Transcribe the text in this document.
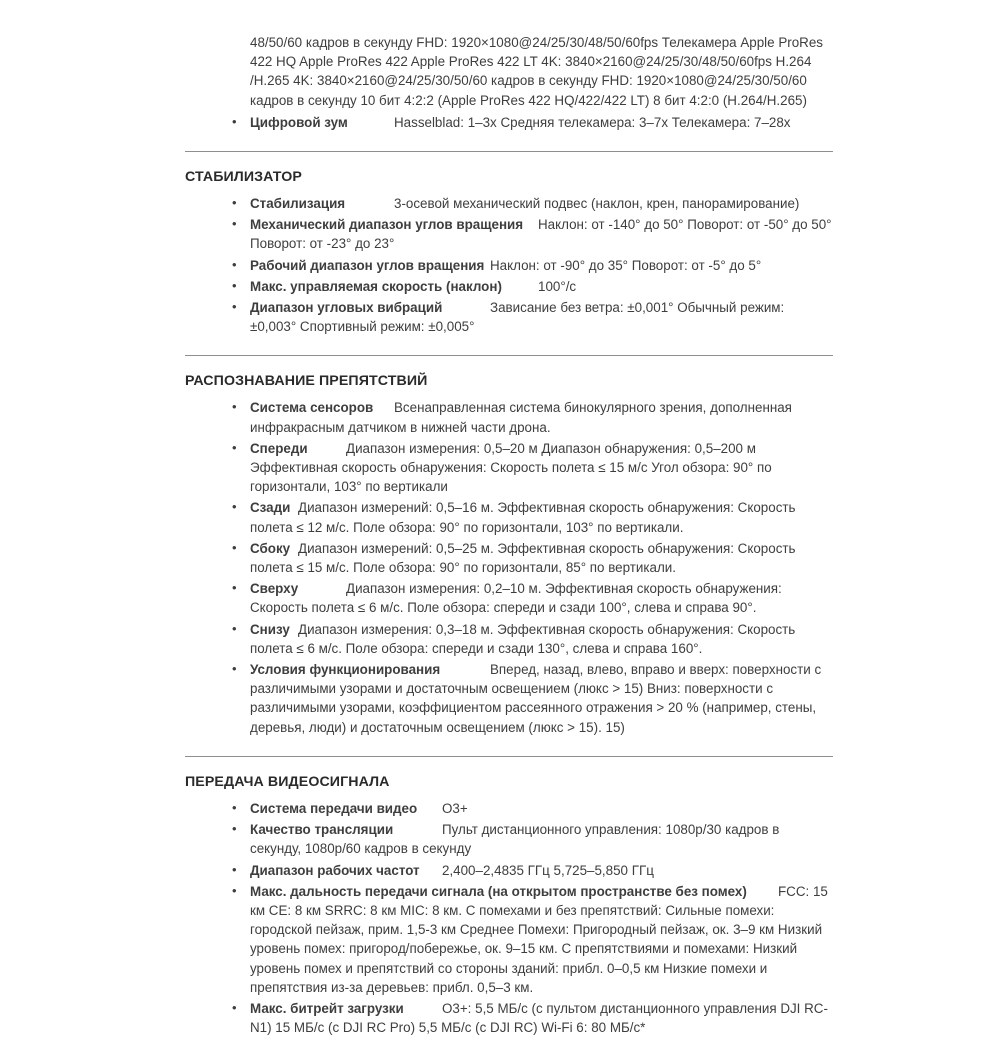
48/50/60 кадров в секунду FHD: 1920×1080@24/25/30/48/50/60fps Телекамера Apple ProRes 422 HQ Apple ProRes 422 Apple ProRes 422 LT 4K: 3840×2160@24/25/30/48/50/60fps H.264 /H.265 4K: 3840×2160@24/25/30/50/60 кадров в секунду FHD: 1920×1080@24/25/30/50/60 кадров в секунду 10 бит 4:2:2 (Apple ProRes 422 HQ/422/422 LT) 8 бит 4:2:0 (H.264/H.265)
• Цифровой зум		Hasselblad: 1–3x Средняя телекамера: 3–7x Телекамера: 7–28x
СТАБИЛИЗАТОР
• Стабилизация		3-осевой механический подвес (наклон, крен, панорамирование)
• Механический диапазон углов вращения	Наклон: от -140° до 50° Поворот: от -50° до 50° Поворот: от -23° до 23°
• Рабочий диапазон углов вращения	Наклон: от -90° до 35° Поворот: от -5° до 5°
• Макс. управляемая скорость (наклон)		100°/с
• Диапазон угловых вибраций		Зависание без ветра: ±0,001° Обычный режим: ±0,003° Спортивный режим: ±0,005°
РАСПОЗНАВАНИЕ ПРЕПЯТСТВИЙ
• Система сенсоров	Всенаправленная система бинокулярного зрения, дополненная инфракрасным датчиком в нижней части дрона.
• Спереди		Диапазон измерения: 0,5–20 м Диапазон обнаружения: 0,5–200 м Эффективная скорость обнаружения: Скорость полета ≤ 15 м/с Угол обзора: 90° по горизонтали, 103° по вертикали
• Сзади	Диапазон измерений: 0,5–16 м. Эффективная скорость обнаружения: Скорость полета ≤ 12 м/с. Поле обзора: 90° по горизонтали, 103° по вертикали.
• Сбоку	Диапазон измерений: 0,5–25 м. Эффективная скорость обнаружения: Скорость полета ≤ 15 м/с. Поле обзора: 90° по горизонтали, 85° по вертикали.
• Сверху		Диапазон измерения: 0,2–10 м. Эффективная скорость обнаружения: Скорость полета ≤ 6 м/с. Поле обзора: спереди и сзади 100°, слева и справа 90°.
• Снизу	Диапазон измерения: 0,3–18 м. Эффективная скорость обнаружения: Скорость полета ≤ 6 м/с. Поле обзора: спереди и сзади 130°, слева и справа 160°.
• Условия функционирования		Вперед, назад, влево, вправо и вверх: поверхности с различимыми узорами и достаточным освещением (люкс > 15) Вниз: поверхности с различимыми узорами, коэффициентом рассеянного отражения > 20 % (например, стены, деревья, люди) и достаточным освещением (люкс > 15). 15)
ПЕРЕДАЧА ВИДЕОСИГНАЛА
• Система передачи видео	O3+
• Качество трансляции		Пульт дистанционного управления: 1080p/30 кадров в секунду, 1080p/60 кадров в секунду
• Диапазон рабочих частот	2,400–2,4835 ГГц 5,725–5,850 ГГц
• Макс. дальность передачи сигнала (на открытом пространстве без помех)	FCC: 15 км CE: 8 км SRRC: 8 км MIC: 8 км. С помехами и без препятствий: Сильные помехи: городской пейзаж, прим. 1,5-3 км Среднее Помехи: Пригородный пейзаж, ок. 3–9 км Низкий уровень помех: пригород/побережье, ок. 9–15 км. С препятствиями и помехами: Низкий уровень помех и препятствий со стороны зданий: прибл. 0–0,5 км Низкие помехи и препятствия из-за деревьев: прибл. 0,5–3 км.
• Макс. битрейт загрузки		O3+: 5,5 МБ/с (с пультом дистанционного управления DJI RC-N1) 15 МБ/с (с DJI RC Pro) 5,5 МБ/с (с DJI RC) Wi-Fi 6: 80 МБ/с*
